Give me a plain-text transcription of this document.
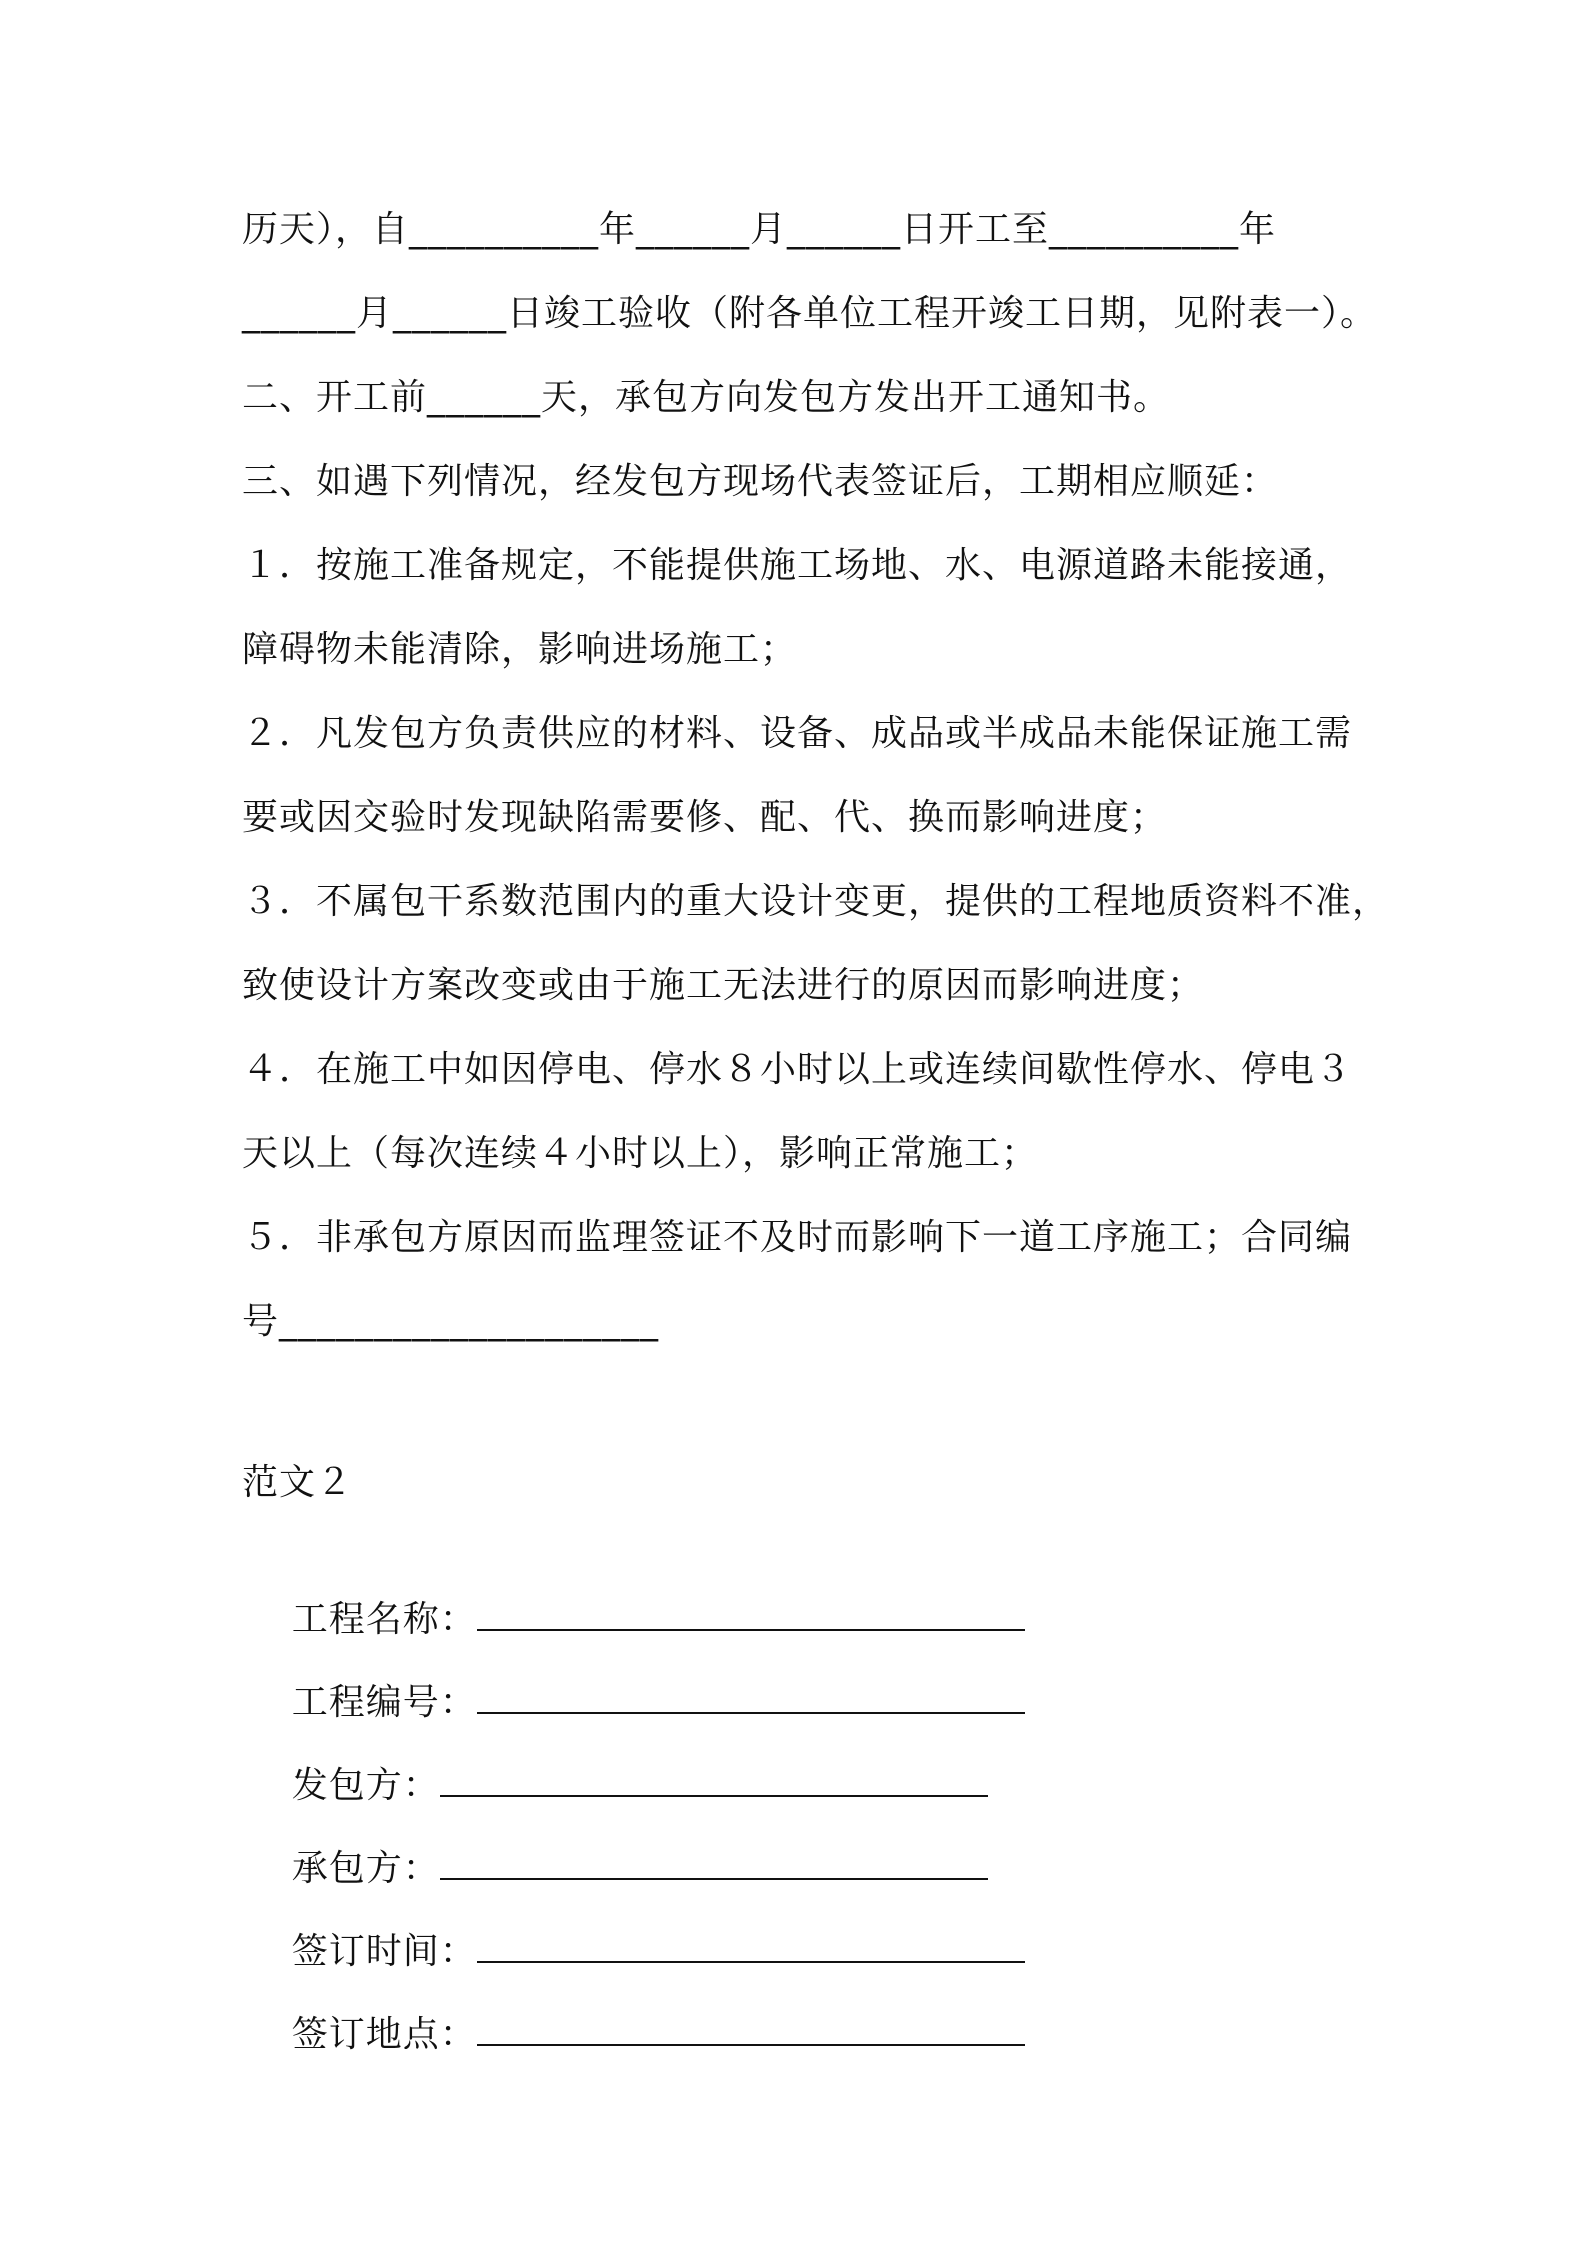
历天），自__________年______月______日开工至__________年
______月______日竣工验收（附各单位工程开竣工日期，见附表一）。
二、开工前______天，承包方向发包方发出开工通知书。
三、如遇下列情况，经发包方现场代表签证后，工期相应顺延：
１．按施工准备规定，不能提供施工场地、水、电源道路未能接通，
障碍物未能清除，影响进场施工；
２．凡发包方负责供应的材料、设备、成品或半成品未能保证施工需
要或因交验时发现缺陷需要修、配、代、换而影响进度；
３．不属包干系数范围内的重大设计变更，提供的工程地质资料不准，
致使设计方案改变或由于施工无法进行的原因而影响进度；
４．在施工中如因停电、停水８小时以上或连续间歇性停水、停电３
天以上（每次连续４小时以上），影响正常施工；
５．非承包方原因而监理签证不及时而影响下一道工序施工；合同编
号____________________
范文２

工程名称：

工程编号：

发包方：

承包方：

签订时间：

签订地点：
